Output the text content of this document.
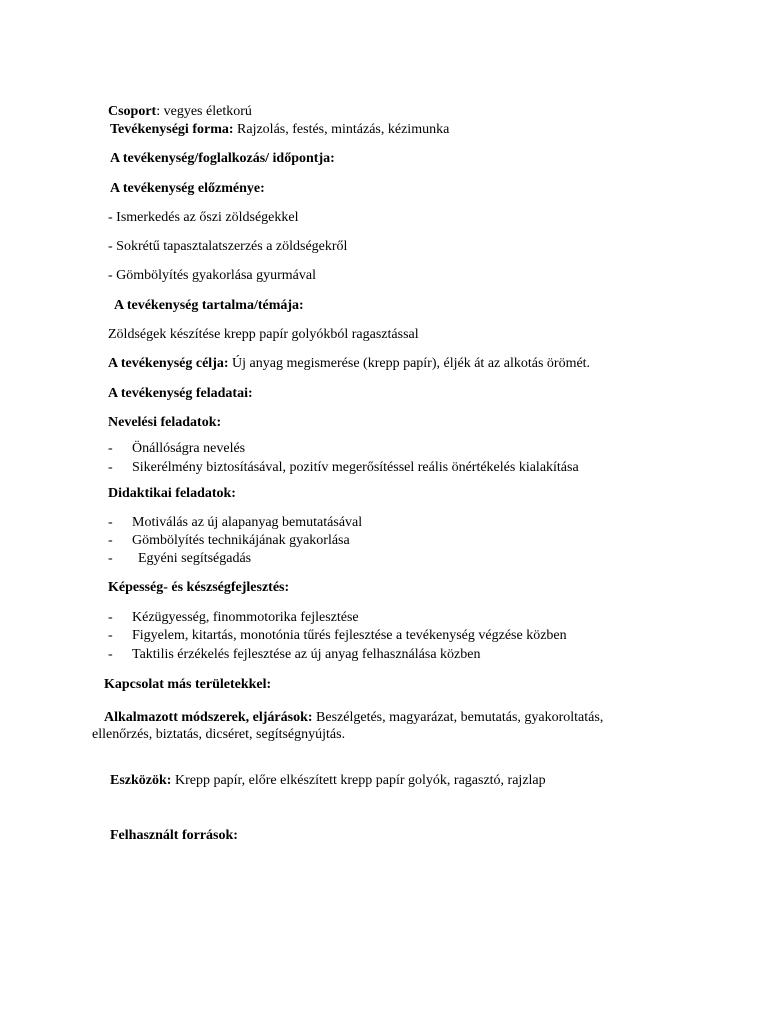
Csoport: vegyes életkorú
Tevékenységi forma: Rajzolás, festés, mintázás, kézimunka
A tevékenység/foglalkozás/ időpontja:
A tevékenység előzménye:
- Ismerkedés az őszi zöldségekkel
- Sokrétű tapasztalatszerzés a zöldségekről
- Gömbölyítés gyakorlása gyurmával
A tevékenység tartalma/témája:
Zöldségek készítése krepp papír golyókból ragasztással
A tevékenység célja: Új anyag megismerése (krepp papír), éljék át az alkotás örömét.
A tevékenység feladatai:
Nevelési feladatok:
- Önállóságra nevelés
- Sikerélmény biztosításával, pozitív megerősítéssel reális önértékelés kialakítása
Didaktikai feladatok:
- Motiválás az új alapanyag bemutatásával
- Gömbölyítés technikájának gyakorlása
- Egyéni segítségadás
Képesség- és készségfejlesztés:
- Kézügyesség, finommotorika fejlesztése
- Figyelem, kitartás, monotónia tűrés fejlesztése a tevékenység végzése közben
- Taktilis érzékelés fejlesztése az új anyag felhasználása közben
Kapcsolat más területekkel:
Alkalmazott módszerek, eljárások: Beszélgetés, magyarázat, bemutatás, gyakoroltatás,
ellenőrzés, biztatás, dicséret, segítségnyújtás.
Eszközök: Krepp papír, előre elkészített krepp papír golyók, ragasztó, rajzlap
Felhasznált források:
